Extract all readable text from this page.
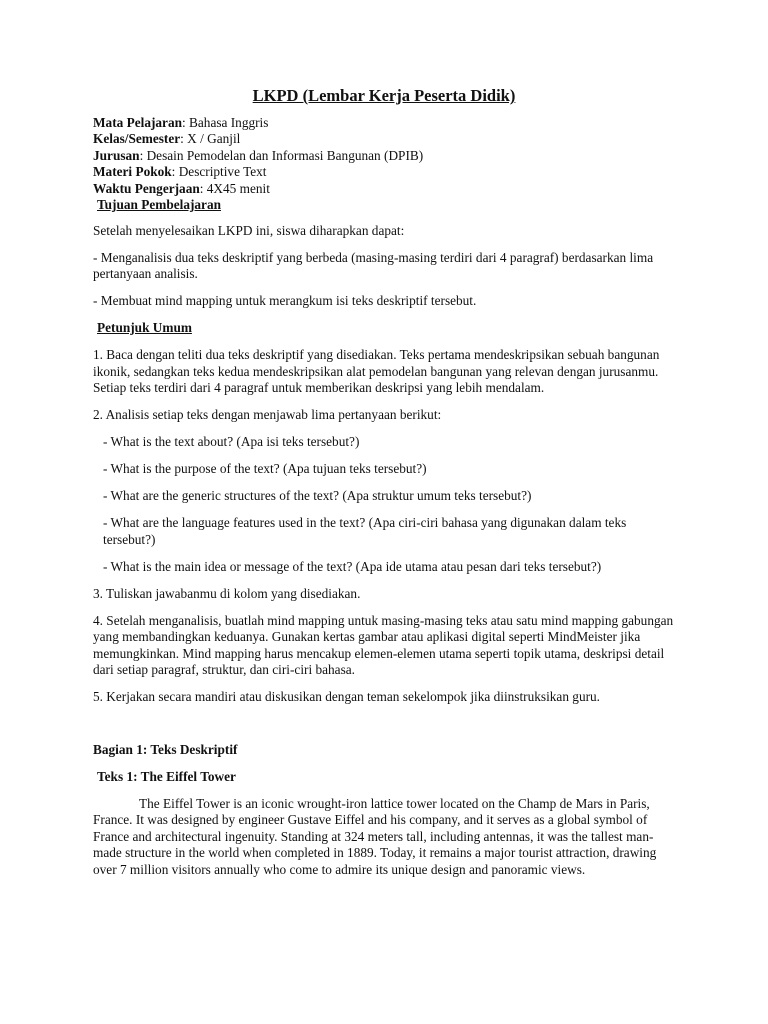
LKPD (Lembar Kerja Peserta Didik)

Mata Pelajaran: Bahasa Inggris

Kelas/Semester: X / Ganjil

Jurusan: Desain Pemodelan dan Informasi Bangunan (DPIB)

Materi Pokok: Descriptive Text

Waktu Pengerjaan: 4X45 menit

Tujuan Pembelajaran

Setelah menyelesaikan LKPD ini, siswa diharapkan dapat:

- Menganalisis dua teks deskriptif yang berbeda (masing-masing terdiri dari 4 paragraf) berdasarkan lima pertanyaan analisis.

- Membuat mind mapping untuk merangkum isi teks deskriptif tersebut.

Petunjuk Umum

1. Baca dengan teliti dua teks deskriptif yang disediakan. Teks pertama mendeskripsikan sebuah bangunan ikonik, sedangkan teks kedua mendeskripsikan alat pemodelan bangunan yang relevan dengan jurusanmu. Setiap teks terdiri dari 4 paragraf untuk memberikan deskripsi yang lebih mendalam.

2. Analisis setiap teks dengan menjawab lima pertanyaan berikut:

- What is the text about? (Apa isi teks tersebut?)

- What is the purpose of the text? (Apa tujuan teks tersebut?)

- What are the generic structures of the text? (Apa struktur umum teks tersebut?)

- What are the language features used in the text? (Apa ciri-ciri bahasa yang digunakan dalam teks tersebut?)

- What is the main idea or message of the text? (Apa ide utama atau pesan dari teks tersebut?)

3. Tuliskan jawabanmu di kolom yang disediakan.

4. Setelah menganalisis, buatlah mind mapping untuk masing-masing teks atau satu mind mapping gabungan yang membandingkan keduanya. Gunakan kertas gambar atau aplikasi digital seperti MindMeister jika memungkinkan. Mind mapping harus mencakup elemen-elemen utama seperti topik utama, deskripsi detail dari setiap paragraf, struktur, dan ciri-ciri bahasa.

5. Kerjakan secara mandiri atau diskusikan dengan teman sekelompok jika diinstruksikan guru.

Bagian 1: Teks Deskriptif

Teks 1: The Eiffel Tower

The Eiffel Tower is an iconic wrought-iron lattice tower located on the Champ de Mars in Paris, France. It was designed by engineer Gustave Eiffel and his company, and it serves as a global symbol of France and architectural ingenuity. Standing at 324 meters tall, including antennas, it was the tallest man-made structure in the world when completed in 1889. Today, it remains a major tourist attraction, drawing over 7 million visitors annually who come to admire its unique design and panoramic views.
